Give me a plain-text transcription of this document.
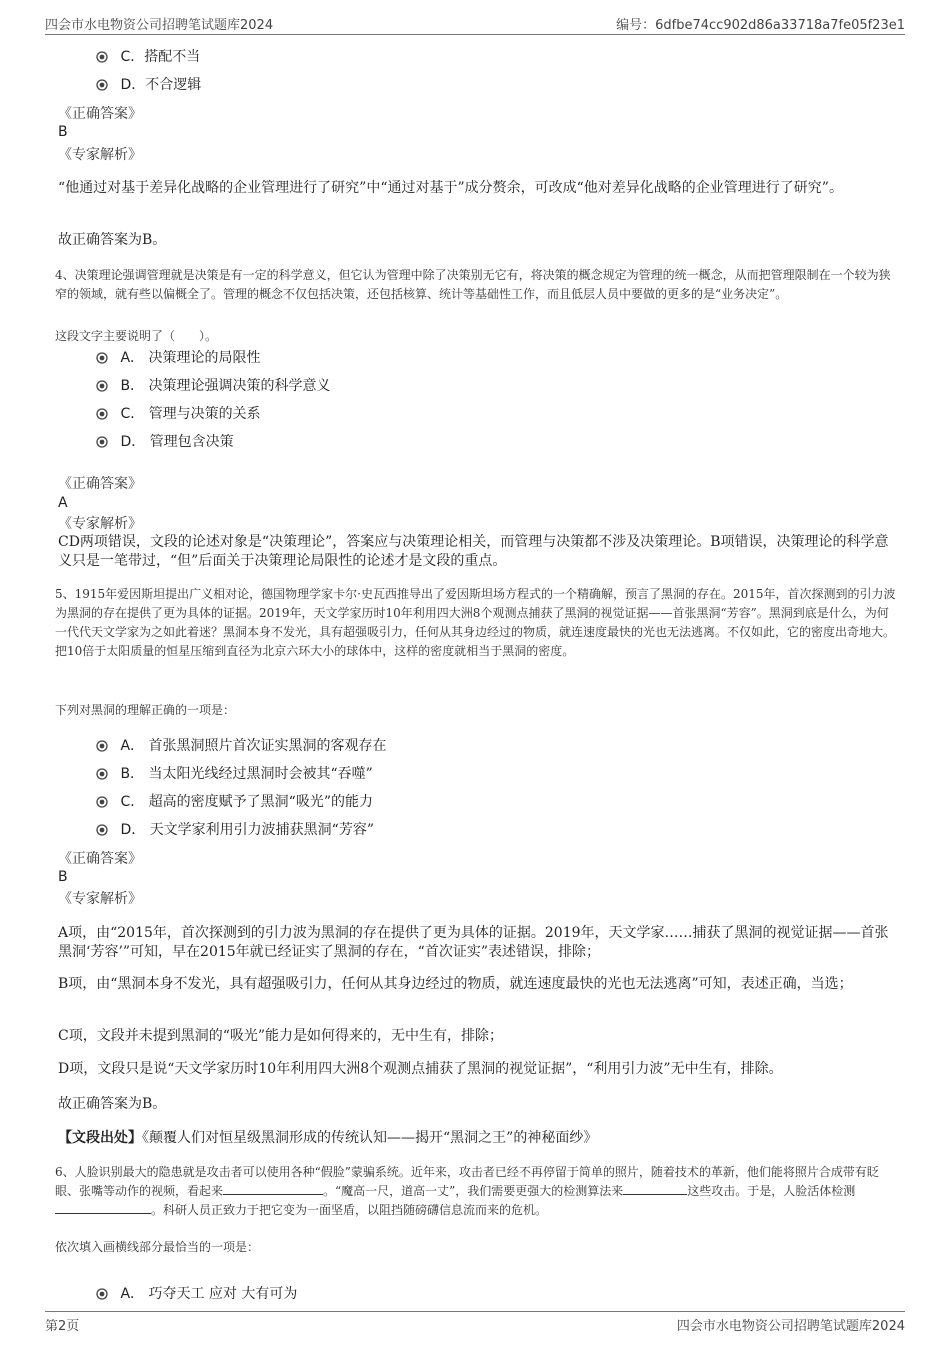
四会市水电物资公司招聘笔试题库2024	编号：6dfbe74cc902d86a33718a7fe05f23e1
C．搭配不当
D．不合逻辑
《正确答案》
B
《专家解析》
“他通过对基于差异化战略的企业管理进行了研究”中“通过对基于”成分赘余，可改成“他对差异化战略的企业管理进行了研究”。
故正确答案为B。
4、决策理论强调管理就是决策是有一定的科学意义，但它认为管理中除了决策别无它有，将决策的概念规定为管理的统一概念，从而把管理限制在一个较为狭窄的领域，就有些以偏概全了。管理的概念不仅包括决策，还包括核算、统计等基础性工作，而且低层人员中要做的更多的是“业务决定”。
这段文字主要说明了（　　）。
A． 决策理论的局限性
B． 决策理论强调决策的科学意义
C． 管理与决策的关系
D． 管理包含决策
《正确答案》
A
《专家解析》
CD两项错误，文段的论述对象是“决策理论”，答案应与决策理论相关，而管理与决策都不涉及决策理论。B项错误，决策理论的科学意义只是一笔带过，“但”后面关于决策理论局限性的论述才是文段的重点。
5、1915年爱因斯坦提出广义相对论，德国物理学家卡尔·史瓦西推导出了爱因斯坦场方程式的一个精确解，预言了黑洞的存在。2015年，首次探测到的引力波为黑洞的存在提供了更为具体的证据。2019年，天文学家历时10年利用四大洲8个观测点捕获了黑洞的视觉证据——首张黑洞“芳容”。黑洞到底是什么，为何一代代天文学家为之如此着迷？黑洞本身不发光，具有超强吸引力，任何从其身边经过的物质，就连速度最快的光也无法逃离。不仅如此，它的密度出奇地大。把10倍于太阳质量的恒星压缩到直径为北京六环大小的球体中，这样的密度就相当于黑洞的密度。
下列对黑洞的理解正确的一项是：
A． 首张黑洞照片首次证实黑洞的客观存在
B． 当太阳光线经过黑洞时会被其“吞噬”
C． 超高的密度赋予了黑洞“吸光”的能力
D． 天文学家利用引力波捕获黑洞“芳容”
《正确答案》
B
《专家解析》
A项，由“2015年，首次探测到的引力波为黑洞的存在提供了更为具体的证据。2019年，天文学家……捕获了黑洞的视觉证据——首张黑洞‘芳容’”可知，早在2015年就已经证实了黑洞的存在，“首次证实”表述错误，排除；
B项，由“黑洞本身不发光，具有超强吸引力，任何从其身边经过的物质，就连速度最快的光也无法逃离”可知，表述正确，当选；
C项，文段并未提到黑洞的“吸光”能力是如何得来的，无中生有，排除；
D项，文段只是说“天文学家历时10年利用四大洲8个观测点捕获了黑洞的视觉证据”，“利用引力波”无中生有，排除。
故正确答案为B。
【文段出处】《颠覆人们对恒星级黑洞形成的传统认知——揭开“黑洞之王”的神秘面纱》
6、人脸识别最大的隐患就是攻击者可以使用各种“假脸”蒙骗系统。近年来，攻击者已经不再停留于简单的照片，随着技术的革新，他们能将照片合成带有眨眼、张嘴等动作的视频，看起来	。“魔高一尺，道高一丈”，我们需要更强大的检测算法来	这些攻击。于是，人脸活体检测。科研人员正致力于把它变为一面坚盾，以阻挡随磅礴信息流而来的危机。
依次填入画横线部分最恰当的一项是：
A． 巧夺天工 应对 大有可为
第2页	四会市水电物资公司招聘笔试题库2024
